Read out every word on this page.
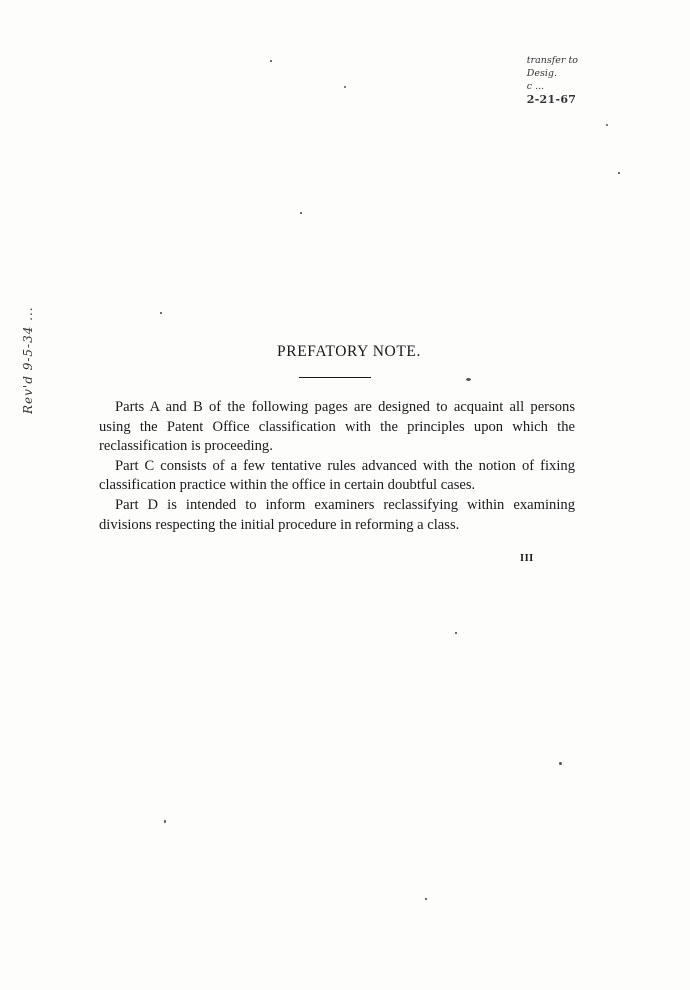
transfer to
Desig.
c ...
2-21-67
Rev'd 9-5-34 ...	PREFATORY NOTE.

Parts A and B of the following pages are designed to acquaint all persons using the Patent Office classification with the principles upon which the reclassification is proceeding.

Part C consists of a few tentative rules advanced with the notion of fixing classification practice within the office in certain doubtful cases.

Part D is intended to inform examiners reclassifying within examining divisions respecting the initial procedure in reforming a class.

III
